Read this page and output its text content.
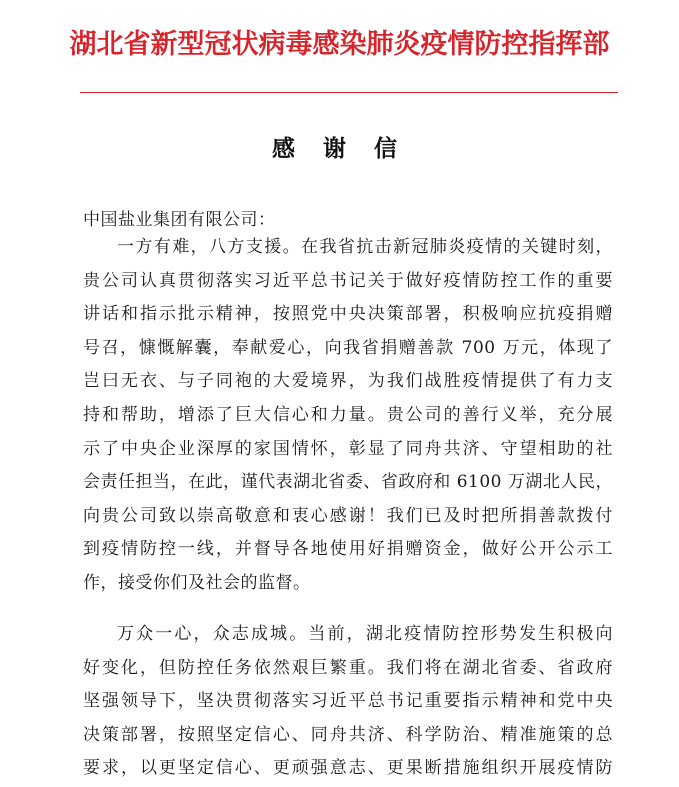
湖北省新型冠状病毒感染肺炎疫情防控指挥部
感 谢 信
中国盐业集团有限公司：
一方有难，八方支援。在我省抗击新冠肺炎疫情的关键时刻，
贵公司认真贯彻落实习近平总书记关于做好疫情防控工作的重要
讲话和指示批示精神，按照党中央决策部署，积极响应抗疫捐赠
号召，慷慨解囊，奉献爱心，向我省捐赠善款 700 万元，体现了
岂曰无衣、与子同袍的大爱境界，为我们战胜疫情提供了有力支
持和帮助，增添了巨大信心和力量。贵公司的善行义举，充分展
示了中央企业深厚的家国情怀，彰显了同舟共济、守望相助的社
会责任担当，在此，谨代表湖北省委、省政府和 6100 万湖北人民，
向贵公司致以崇高敬意和衷心感谢！我们已及时把所捐善款拨付
到疫情防控一线，并督导各地使用好捐赠资金，做好公开公示工
作，接受你们及社会的监督。
万众一心，众志成城。当前，湖北疫情防控形势发生积极向
好变化，但防控任务依然艰巨繁重。我们将在湖北省委、省政府
坚强领导下，坚决贯彻落实习近平总书记重要指示精神和党中央
决策部署，按照坚定信心、同舟共济、科学防治、精准施策的总
要求，以更坚定信心、更顽强意志、更果断措施组织开展疫情防
